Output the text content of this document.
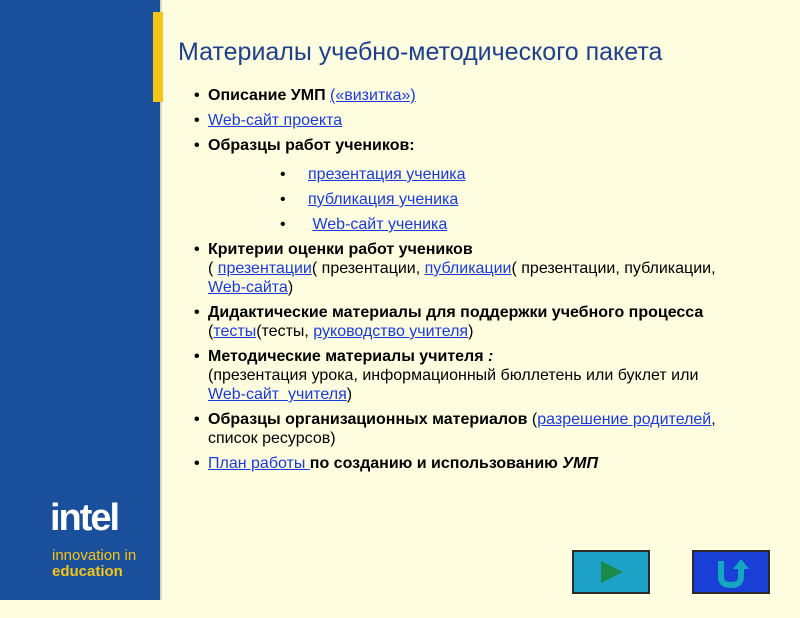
intel
innovation in
education
Материалы учебно-методического пакета
• Описание УМП («визитка»)
• Web-сайт проекта
• Образцы работ учеников:
• презентация ученика
• публикация ученика
• Web-сайт ученика
• Критерии оценки работ учеников
( презентации( презентации, публикации( презентации, публикации, Web-сайта)
• Дидактические материалы для поддержки учебного процесса (тесты(тесты, руководство учителя)
• Методические материалы учителя :
(презентация урока, информационный бюллетень или буклет или Web-сайт  учителя)
• Образцы организационных материалов (разрешение родителей, список ресурсов)
• План работы по созданию и использованию УМП
